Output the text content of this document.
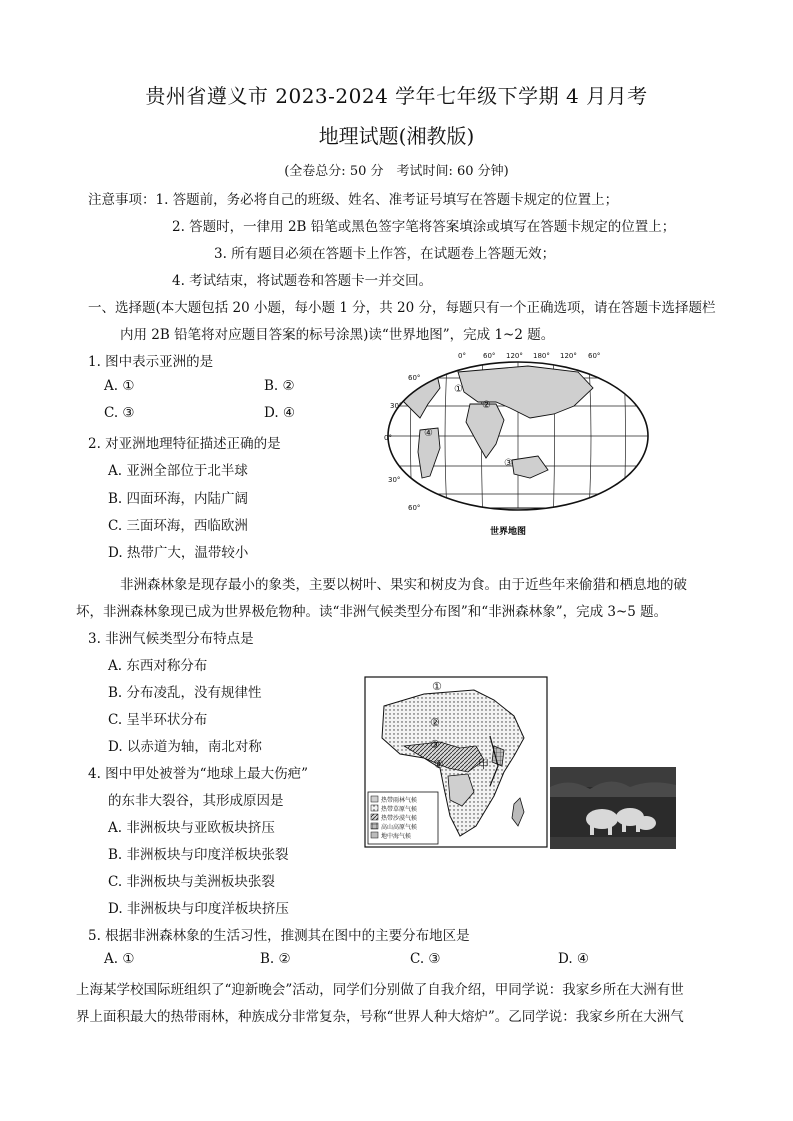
贵州省遵义市 2023-2024 学年七年级下学期 4 月月考
地理试题(湘教版)
(全卷总分: 50 分　考试时间: 60 分钟)
注意事项：1. 答题前，务必将自己的班级、姓名、准考证号填写在答题卡规定的位置上；
2. 答题时，一律用 2B 铅笔或黑色签字笔将答案填涂或填写在答题卡规定的位置上；
3. 所有题目必须在答题卡上作答，在试题卷上答题无效；
4. 考试结束，将试题卷和答题卡一并交回。
一、选择题(本大题包括 20 小题，每小题 1 分，共 20 分，每题只有一个正确选项，请在答题卡选择题栏
内用 2B 铅笔将对应题目答案的标号涂黑)读“世界地图”，完成 1~2 题。
1. 图中表示亚洲的是
A. ①	B. ②
C. ③	D. ④
2. 对亚洲地理特征描述正确的是
A. 亚洲全部位于北半球
B. 四面环海，内陆广阔
C. 三面环海，西临欧洲
D. 热带广大，温带较小
0° 60° 120° 180° 120° 60°
60°
30°
0°
30°
60°
①
②
③
④
世界地图
非洲森林象是现存最小的象类，主要以树叶、果实和树皮为食。由于近些年来偷猎和栖息地的破
坏，非洲森林象现已成为世界极危物种。读“非洲气候类型分布图”和“非洲森林象”，完成 3~5 题。
3. 非洲气候类型分布特点是
A. 东西对称分布
B. 分布凌乱，没有规律性
C. 呈半环状分布
D. 以赤道为轴，南北对称
4. 图中甲处被誉为“地球上最大伤疤”
的东非大裂谷，其形成原因是
A. 非洲板块与亚欧板块挤压
B. 非洲板块与印度洋板块张裂
C. 非洲板块与美洲板块张裂
D. 非洲板块与印度洋板块挤压
①
②
③
④	甲
热带雨林气候
热带草原气候
热带沙漠气候
高山高原气候
地中海气候
5. 根据非洲森林象的生活习性，推测其在图中的主要分布地区是
A. ①	B. ②	C. ③	D. ④
上海某学校国际班组织了“迎新晚会”活动，同学们分别做了自我介绍，甲同学说：我家乡所在大洲有世
界上面积最大的热带雨林，种族成分非常复杂，号称“世界人种大熔炉”。乙同学说：我家乡所在大洲气
